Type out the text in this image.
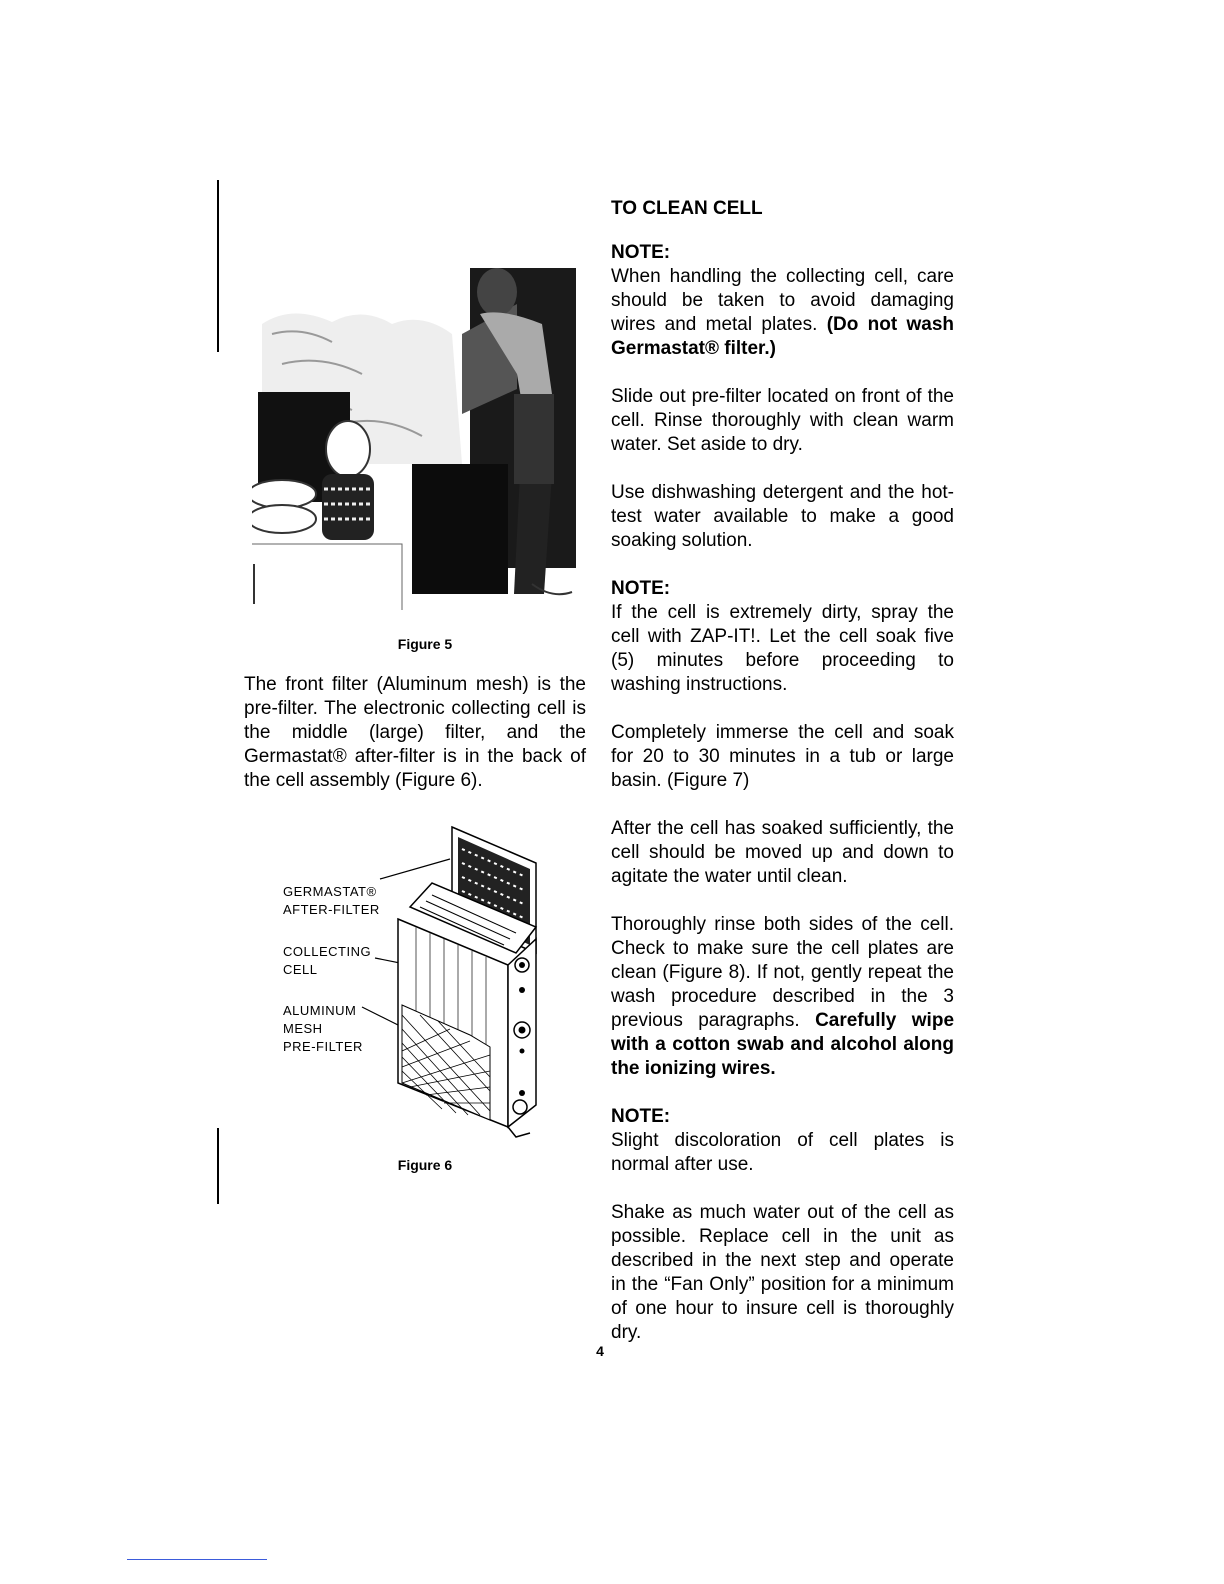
Figure 5

The front filter (Aluminum mesh) is the pre-filter. The electronic collecting cell is the middle (large) filter, and the Germastat® after-filter is in the back of the cell assembly (Figure 6).

GERMASTAT®

AFTER-FILTER

COLLECTING

CELL

ALUMINUM

MESH

PRE-FILTER

Figure 6

TO CLEAN CELL

NOTE:

When handling the collecting cell, care should be taken to avoid damaging wires and metal plates. (Do not wash Germastat® filter.)

Slide out pre-filter located on front of the cell. Rinse thoroughly with clean warm water. Set aside to dry.

Use dishwashing detergent and the hot-test water available to make a good soaking solution.

NOTE:

If the cell is extremely dirty, spray the cell with ZAP-IT!. Let the cell soak five (5) minutes before proceeding to washing instructions.

Completely immerse the cell and soak for 20 to 30 minutes in a tub or large basin. (Figure 7)

After the cell has soaked sufficiently, the cell should be moved up and down to agitate the water until clean.

Thoroughly rinse both sides of the cell. Check to make sure the cell plates are clean (Figure 8). If not, gently repeat the wash procedure described in the 3 previous paragraphs. Carefully wipe with a cotton swab and alcohol along the ionizing wires.

NOTE:

Slight discoloration of cell plates is normal after use.

Shake as much water out of the cell as possible. Replace cell in the unit as described in the next step and operate in the “Fan Only” position for a minimum of one hour to insure cell is thoroughly dry.

4
